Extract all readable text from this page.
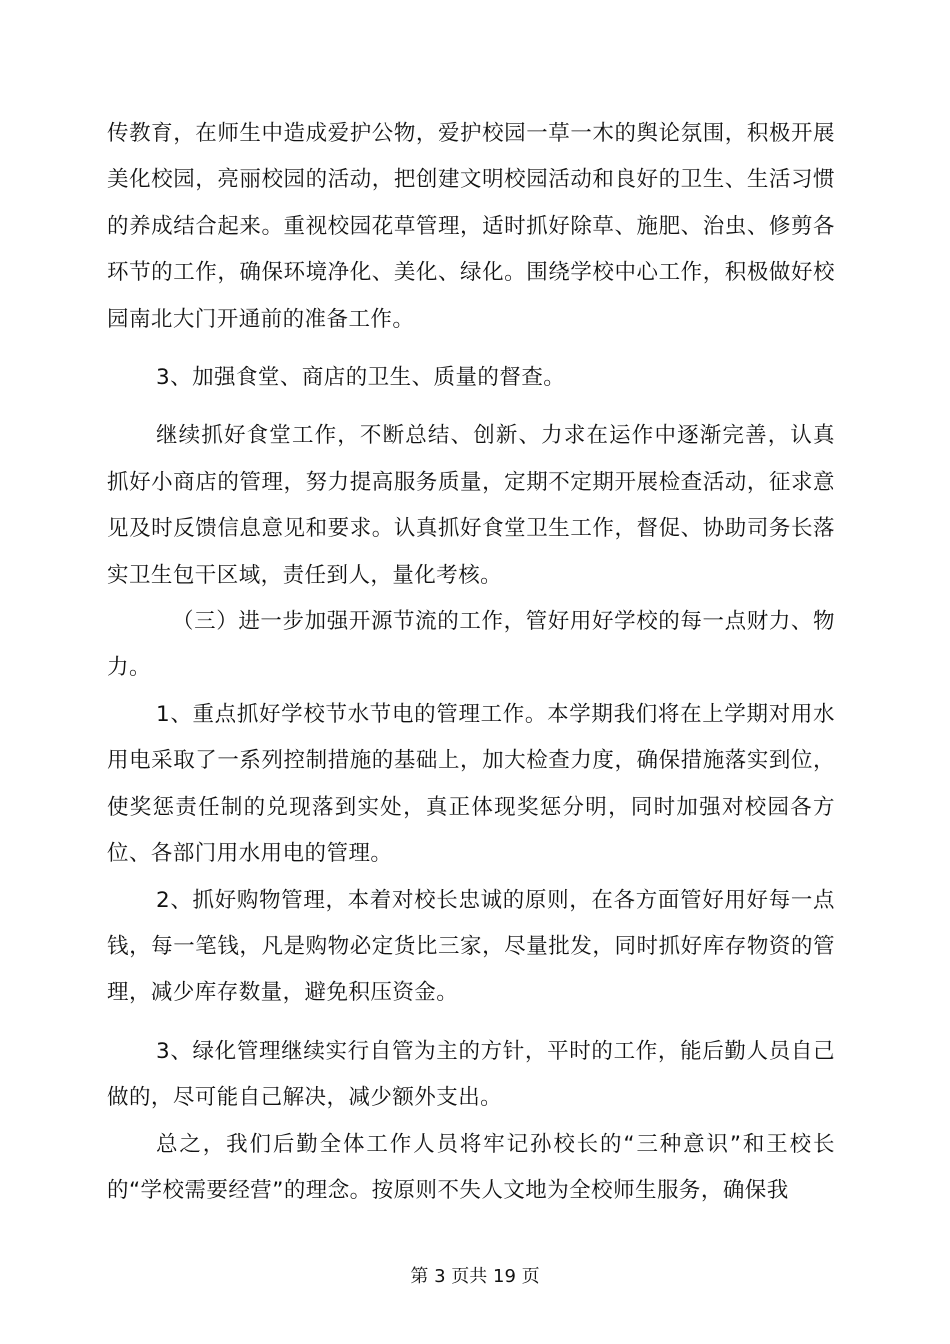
传教育，在师生中造成爱护公物，爱护校园一草一木的舆论氛围，积极开展美化校园，亮丽校园的活动，把创建文明校园活动和良好的卫生、生活习惯的养成结合起来。重视校园花草管理，适时抓好除草、施肥、治虫、修剪各环节的工作，确保环境净化、美化、绿化。围绕学校中心工作，积极做好校园南北大门开通前的准备工作。

3、加强食堂、商店的卫生、质量的督查。

继续抓好食堂工作，不断总结、创新、力求在运作中逐渐完善，认真抓好小商店的管理，努力提高服务质量，定期不定期开展检查活动，征求意见及时反馈信息意见和要求。认真抓好食堂卫生工作，督促、协助司务长落实卫生包干区域，责任到人，量化考核。

（三）进一步加强开源节流的工作，管好用好学校的每一点财力、物力。

1、重点抓好学校节水节电的管理工作。本学期我们将在上学期对用水用电采取了一系列控制措施的基础上，加大检查力度，确保措施落实到位，使奖惩责任制的兑现落到实处，真正体现奖惩分明，同时加强对校园各方位、各部门用水用电的管理。

2、抓好购物管理，本着对校长忠诚的原则，在各方面管好用好每一点钱，每一笔钱，凡是购物必定货比三家，尽量批发，同时抓好库存物资的管理，减少库存数量，避免积压资金。

3、绿化管理继续实行自管为主的方针，平时的工作，能后勤人员自己做的，尽可能自己解决，减少额外支出。

总之，我们后勤全体工作人员将牢记孙校长的“三种意识”和王校长的“学校需要经营”的理念。按原则不失人文地为全校师生服务，确保我

第 3 页共 19 页
